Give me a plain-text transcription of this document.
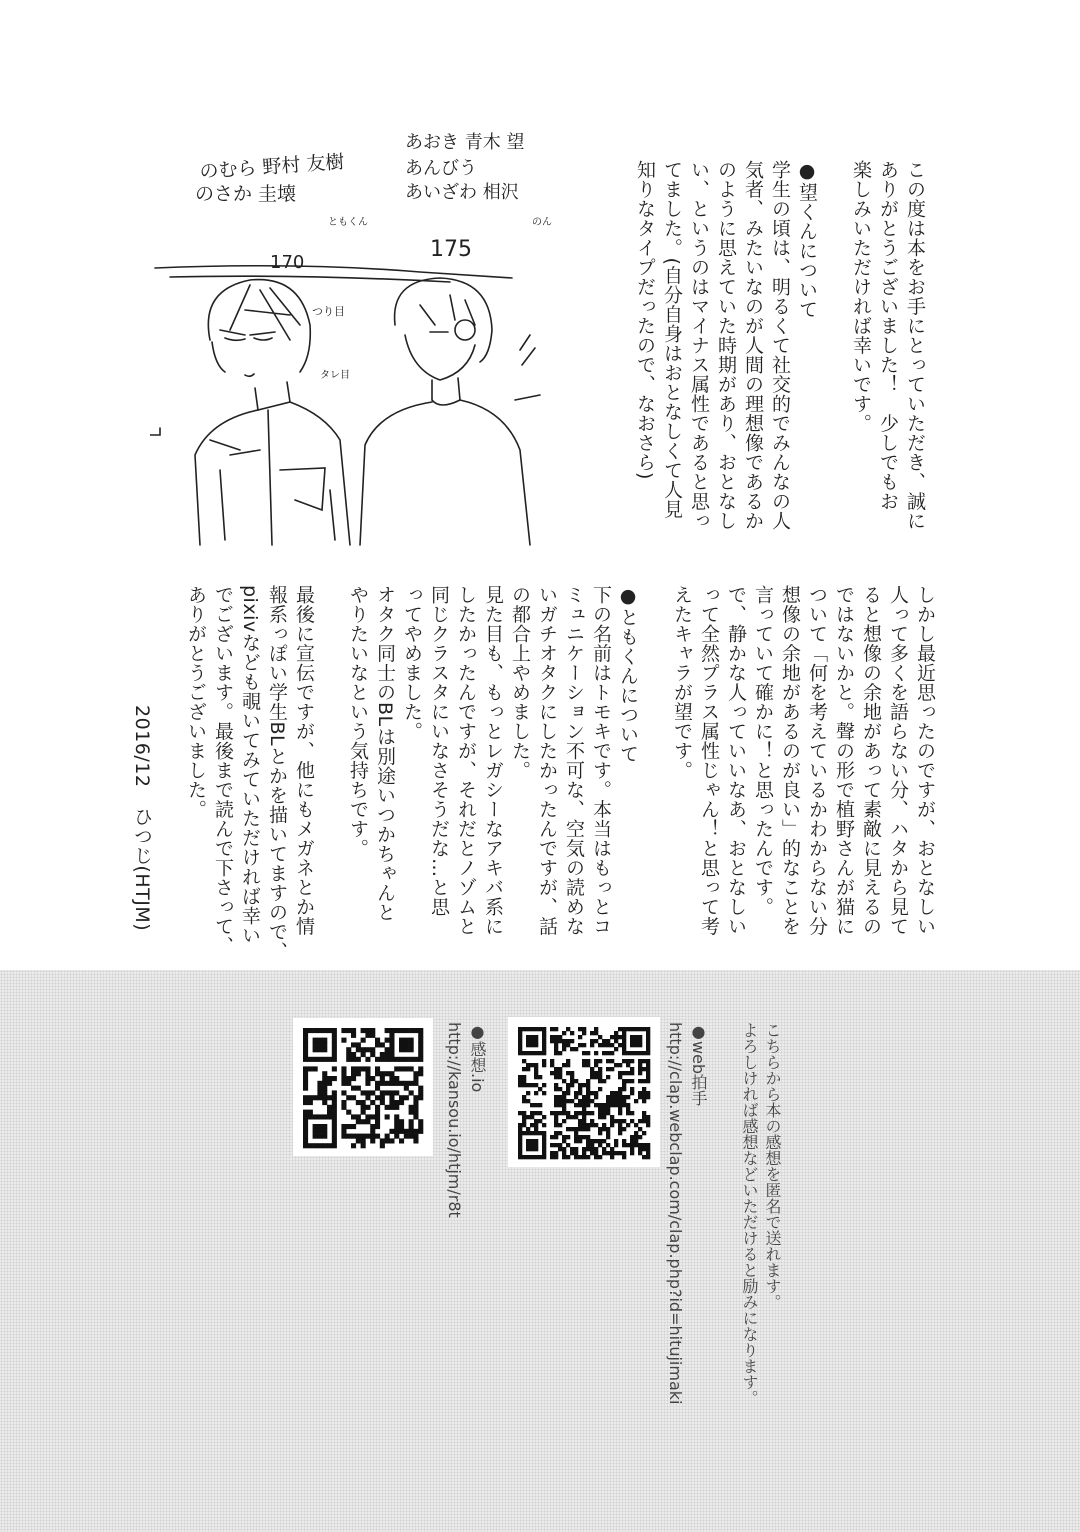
のむら 野村 友樹
のさか 圭壊
あおき 青木 望
あんびう
あいざわ 相沢
ともくん	のん
170
175
つり目
タレ目	この度は本をお手にとっていただき、誠に
ありがとうございました！　少しでもお
楽しみいただければ幸いです。
●望くんについて
学生の頃は、明るくて社交的でみんなの人
気者、みたいなのが人間の理想像であるか
のように思えていた時期があり、おとなし
い、というのはマイナス属性であると思っ
てました。(自分自身はおとなしくて人見
知りなタイプだったので、なおさら)
しかし最近思ったのですが、おとなしい
人って多くを語らない分、ハタから見て
ると想像の余地があって素敵に見えるの
ではないかと。聲の形で植野さんが猫に
ついて「何を考えているかわからない分
想像の余地があるのが良い」的なことを
言っていて確かに！と思ったんです。
で、静かな人っていいなあ、おとなしい
って全然プラス属性じゃん！と思って考
えたキャラが望です。
●ともくんについて
下の名前はトモキです。本当はもっとコ
ミュニケーション不可な、空気の読めな
いガチオタクにしたかったんですが、話
の都合上やめました。
見た目も、もっとレガシーなアキバ系に
したかったんですが、それだとノゾムと
同じクラスタにいなさそうだな…と思
ってやめました。
オタク同士のBLは別途いつかちゃんと
やりたいなという気持ちです。
最後に宣伝ですが、他にもメガネとか情
報系っぽい学生BLとかを描いてますので、
pixivなども覗いてみていただければ幸い
でございます。最後まで読んで下さって、
ありがとうございました。
2016/12　ひつじ(HTJM)
こちらから本の感想を匿名で送れます。
よろしければ感想などいただけると励みになります。
●web拍手
http://clap.webclap.com/clap.php?id=hitujimaki
●感想.io
http://kansou.io/htjm/r8t
